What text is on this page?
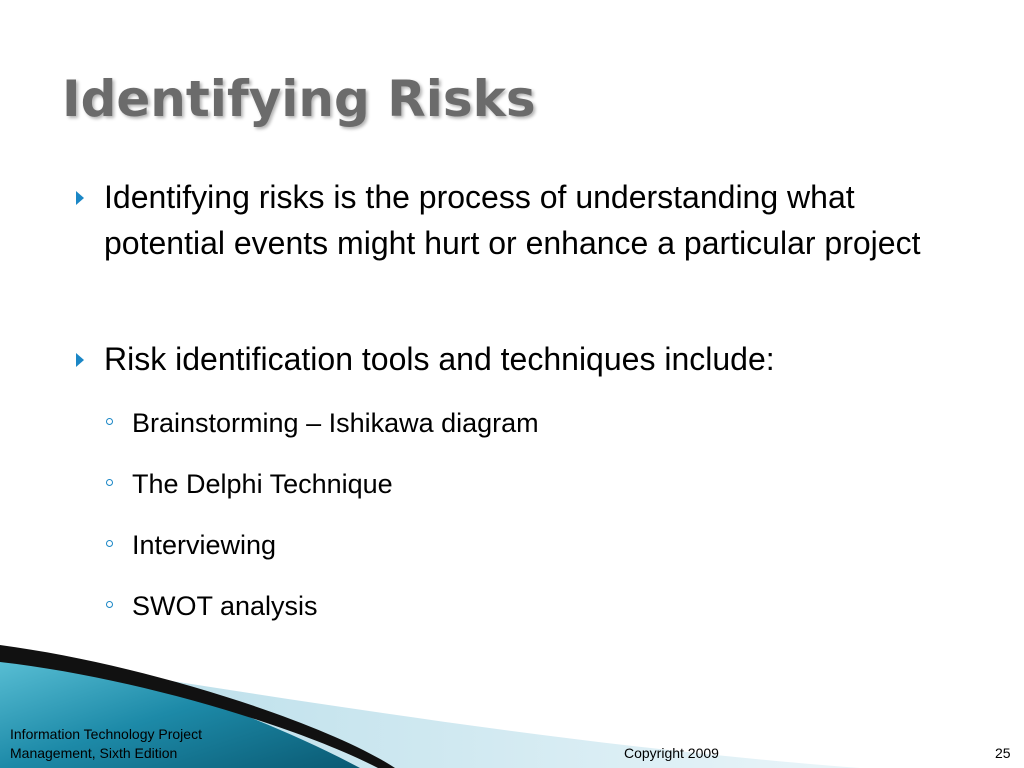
Identifying Risks
Identifying risks is the process of understanding what potential events might hurt or enhance a particular project
Risk identification tools and techniques include:
Brainstorming – Ishikawa diagram
The Delphi Technique
Interviewing
SWOT analysis
Information Technology Project
Management, Sixth Edition	Copyright 2009	25
